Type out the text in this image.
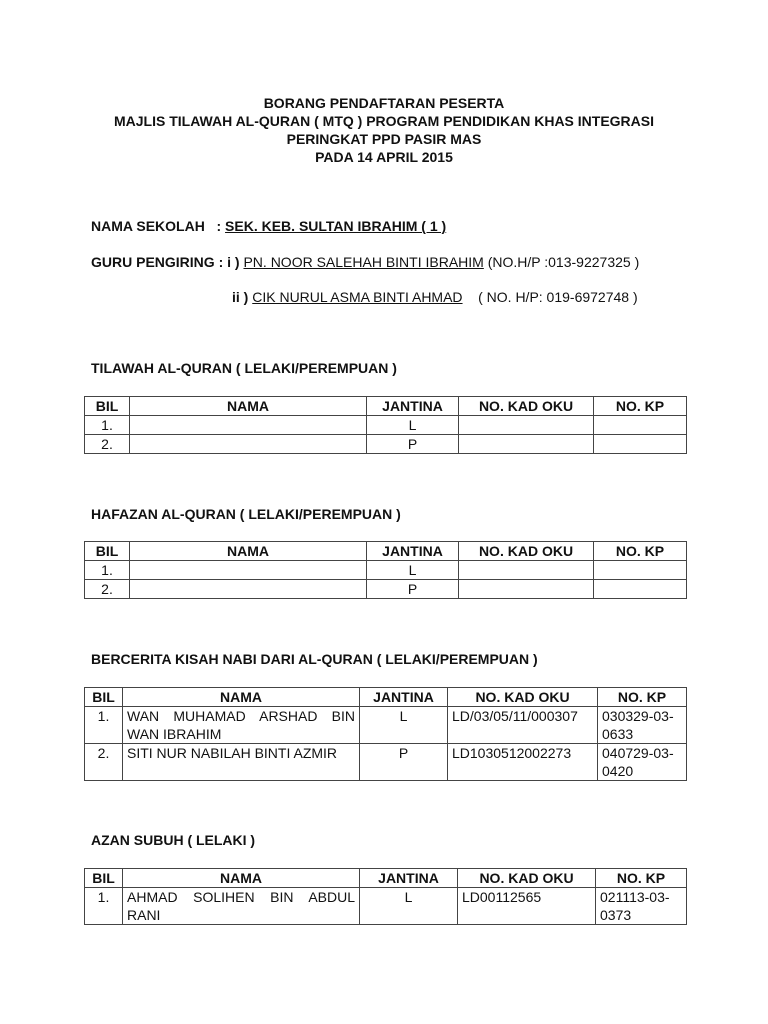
BORANG PENDAFTARAN PESERTA
MAJLIS TILAWAH AL-QURAN ( MTQ ) PROGRAM PENDIDIKAN KHAS INTEGRASI
PERINGKAT PPD PASIR MAS
PADA 14 APRIL 2015
NAMA SEKOLAH : SEK. KEB. SULTAN IBRAHIM ( 1 )
GURU PENGIRING : i ) PN. NOOR SALEHAH BINTI IBRAHIM (NO.H/P :013-9227325 )
ii ) CIK NURUL ASMA BINTI AHMAD ( NO. H/P: 019-6972748 )
TILAWAH AL-QURAN ( LELAKI/PEREMPUAN )
BIL	NAMA	JANTINA	NO. KAD OKU	NO. KP
1.		L		
2.		P		
HAFAZAN AL-QURAN ( LELAKI/PEREMPUAN )
BIL	NAMA	JANTINA	NO. KAD OKU	NO. KP
1.		L		
2.		P		
BERCERITA KISAH NABI DARI AL-QURAN ( LELAKI/PEREMPUAN )
BIL	NAMA	JANTINA	NO. KAD OKU	NO. KP
1.	WAN MUHAMAD ARSHAD BIN WAN IBRAHIM	L	LD/03/05/11/000307	030329-03-0633
2.	SITI NUR NABILAH BINTI AZMIR	P	LD1030512002273	040729-03-0420
AZAN SUBUH ( LELAKI )
BIL	NAMA	JANTINA	NO. KAD OKU	NO. KP
1.	AHMAD SOLIHEN BIN ABDUL RANI	L	LD00112565	021113-03-0373
